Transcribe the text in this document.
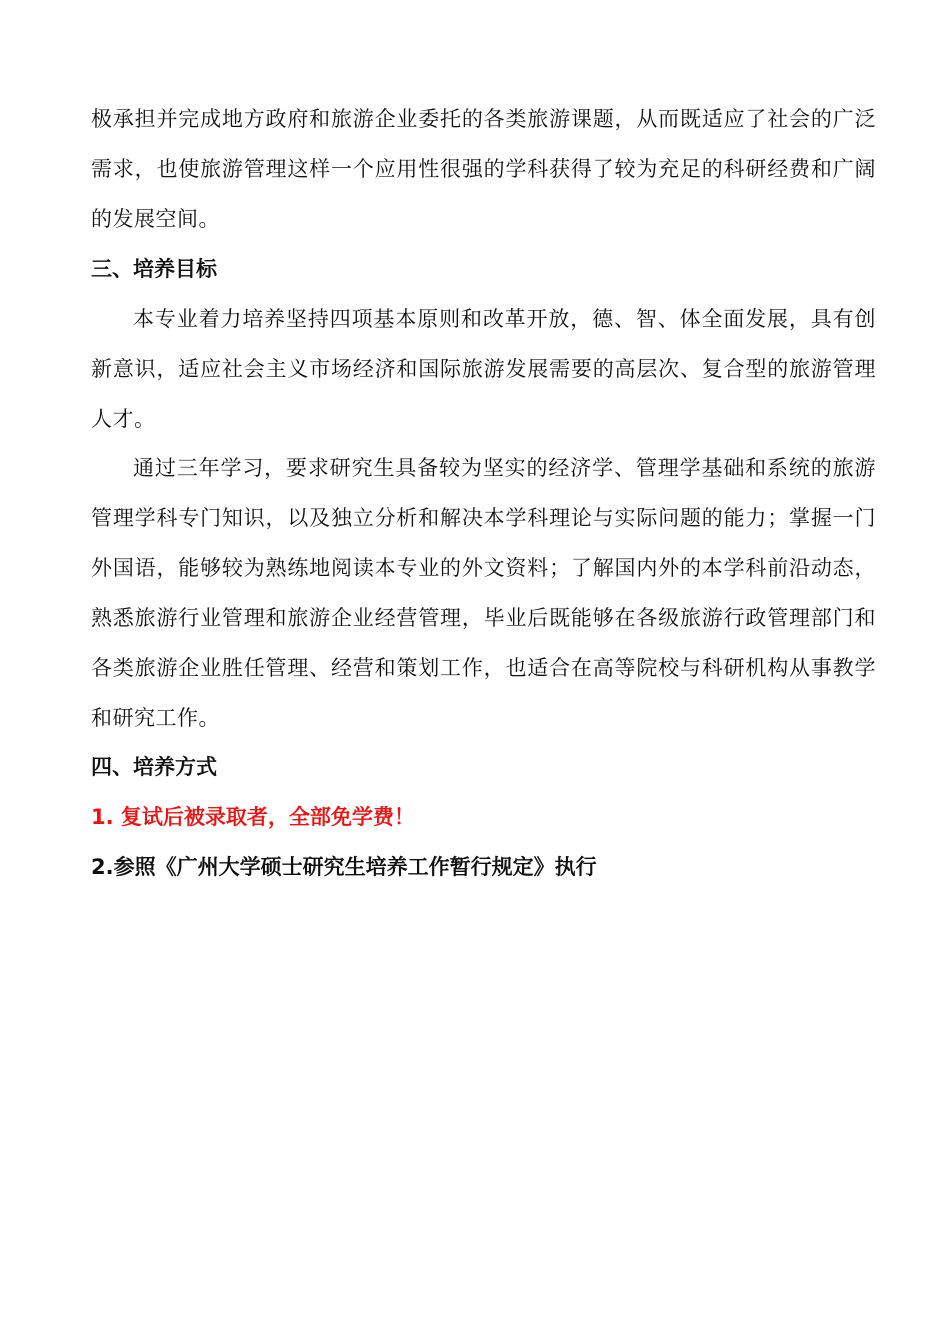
极承担并完成地方政府和旅游企业委托的各类旅游课题，从而既适应了社会的广泛需求，也使旅游管理这样一个应用性很强的学科获得了较为充足的科研经费和广阔的发展空间。

三、培养目标

本专业着力培养坚持四项基本原则和改革开放，德、智、体全面发展，具有创新意识，适应社会主义市场经济和国际旅游发展需要的高层次、复合型的旅游管理人才。

通过三年学习，要求研究生具备较为坚实的经济学、管理学基础和系统的旅游管理学科专门知识，以及独立分析和解决本学科理论与实际问题的能力；掌握一门外国语，能够较为熟练地阅读本专业的外文资料；了解国内外的本学科前沿动态，熟悉旅游行业管理和旅游企业经营管理，毕业后既能够在各级旅游行政管理部门和各类旅游企业胜任管理、经营和策划工作，也适合在高等院校与科研机构从事教学和研究工作。

四、培养方式

1. 复试后被录取者，全部免学费！

2.参照《广州大学硕士研究生培养工作暂行规定》执行
